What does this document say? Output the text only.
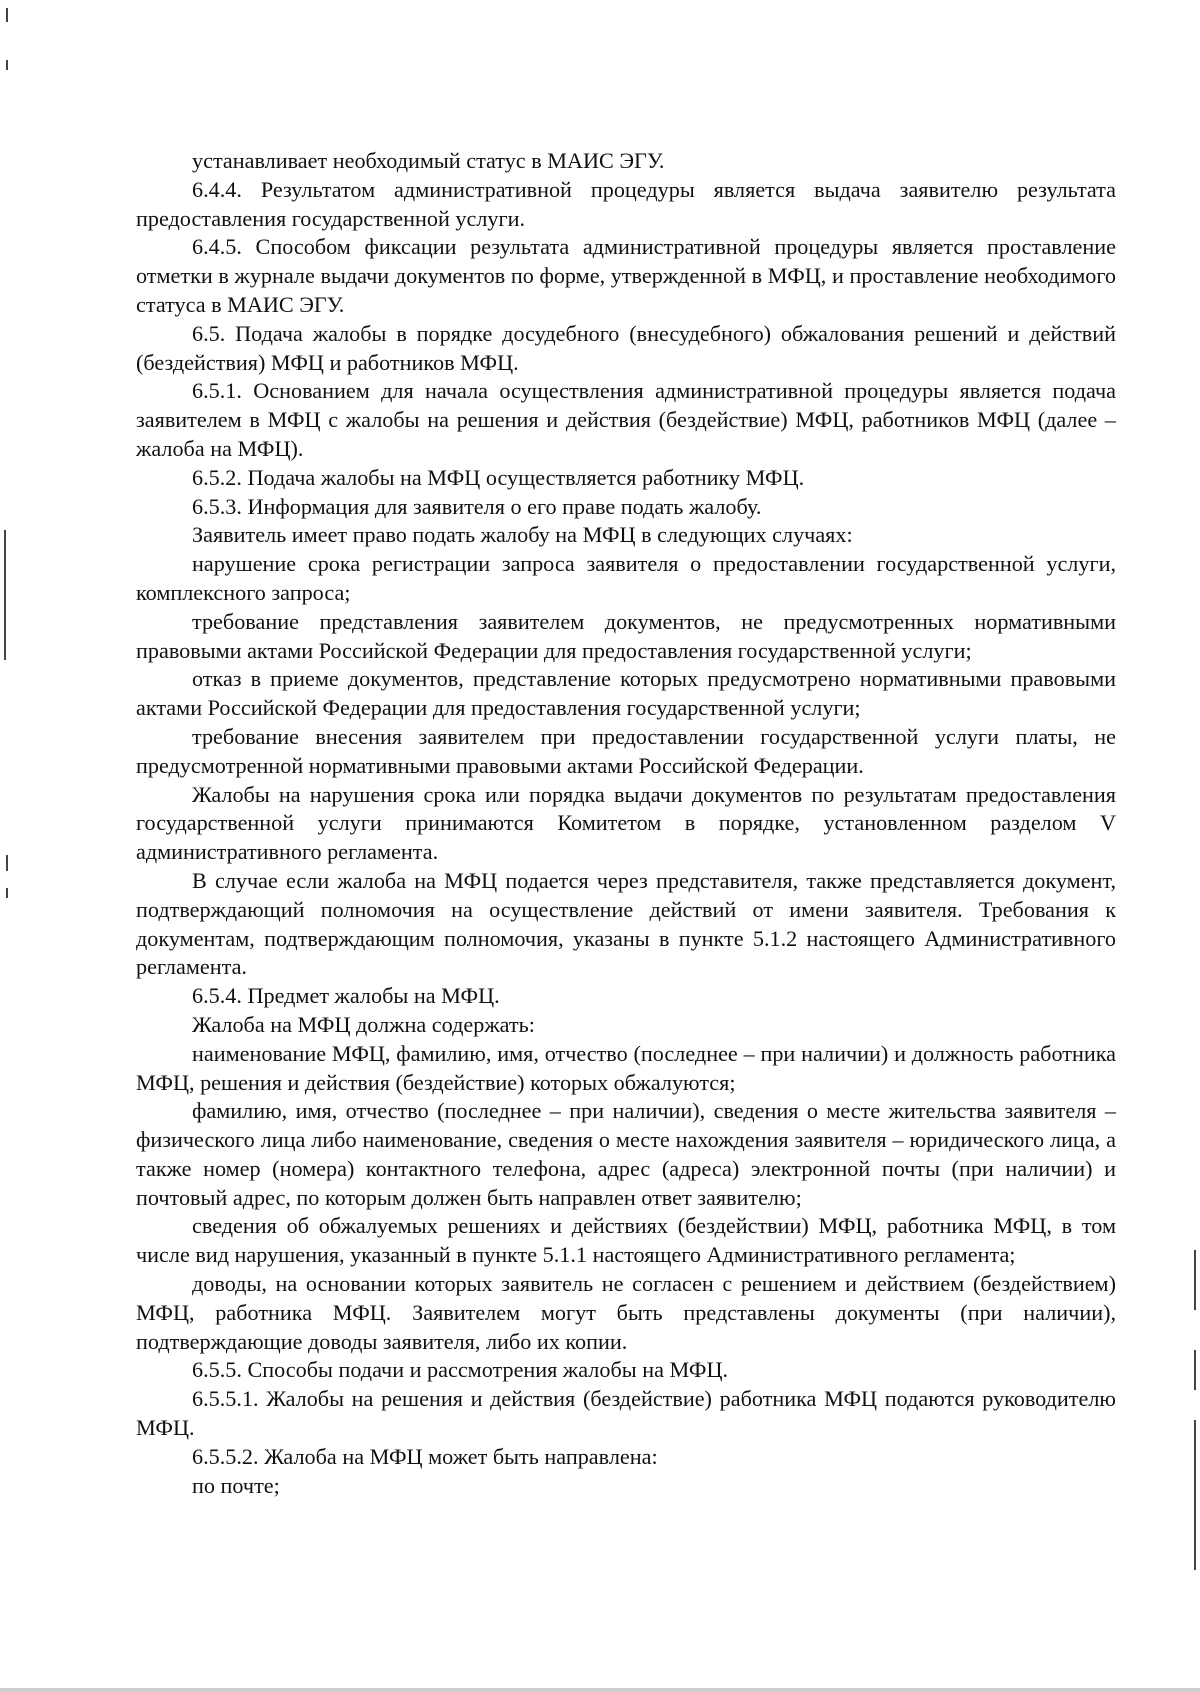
устанавливает необходимый статус в МАИС ЭГУ.

6.4.4. Результатом административной процедуры является выдача заявителю результата предоставления государственной услуги.

6.4.5. Способом фиксации результата административной процедуры является проставление отметки в журнале выдачи документов по форме, утвержденной в МФЦ, и проставление необходимого статуса в МАИС ЭГУ.

6.5. Подача жалобы в порядке досудебного (внесудебного) обжалования решений и действий (бездействия) МФЦ и работников МФЦ.

6.5.1. Основанием для начала осуществления административной процедуры является подача заявителем в МФЦ с жалобы на решения и действия (бездействие) МФЦ, работников МФЦ (далее – жалоба на МФЦ).

6.5.2. Подача жалобы на МФЦ осуществляется работнику МФЦ.

6.5.3. Информация для заявителя о его праве подать жалобу.

Заявитель имеет право подать жалобу на МФЦ в следующих случаях:

нарушение срока регистрации запроса заявителя о предоставлении государственной услуги, комплексного запроса;

требование представления заявителем документов, не предусмотренных нормативными правовыми актами Российской Федерации для предоставления государственной услуги;

отказ в приеме документов, представление которых предусмотрено нормативными правовыми актами Российской Федерации для предоставления государственной услуги;

требование внесения заявителем при предоставлении государственной услуги платы, не предусмотренной нормативными правовыми актами Российской Федерации.

Жалобы на нарушения срока или порядка выдачи документов по результатам предоставления государственной услуги принимаются Комитетом в порядке, установленном разделом V административного регламента.

В случае если жалоба на МФЦ подается через представителя, также представляется документ, подтверждающий полномочия на осуществление действий от имени заявителя. Требования к документам, подтверждающим полномочия, указаны в пункте 5.1.2 настоящего Административного регламента.

6.5.4. Предмет жалобы на МФЦ.

Жалоба на МФЦ должна содержать:

наименование МФЦ, фамилию, имя, отчество (последнее – при наличии) и должность работника МФЦ, решения и действия (бездействие) которых обжалуются;

фамилию, имя, отчество (последнее – при наличии), сведения о месте жительства заявителя – физического лица либо наименование, сведения о месте нахождения заявителя – юридического лица, а также номер (номера) контактного телефона, адрес (адреса) электронной почты (при наличии) и почтовый адрес, по которым должен быть направлен ответ заявителю;

сведения об обжалуемых решениях и действиях (бездействии) МФЦ, работника МФЦ, в том числе вид нарушения, указанный в пункте 5.1.1 настоящего Административного регламента;

доводы, на основании которых заявитель не согласен с решением и действием (бездействием) МФЦ, работника МФЦ. Заявителем могут быть представлены документы (при наличии), подтверждающие доводы заявителя, либо их копии.

6.5.5. Способы подачи и рассмотрения жалобы на МФЦ.

6.5.5.1. Жалобы на решения и действия (бездействие) работника МФЦ подаются руководителю МФЦ.

6.5.5.2. Жалоба на МФЦ может быть направлена:

по почте;
